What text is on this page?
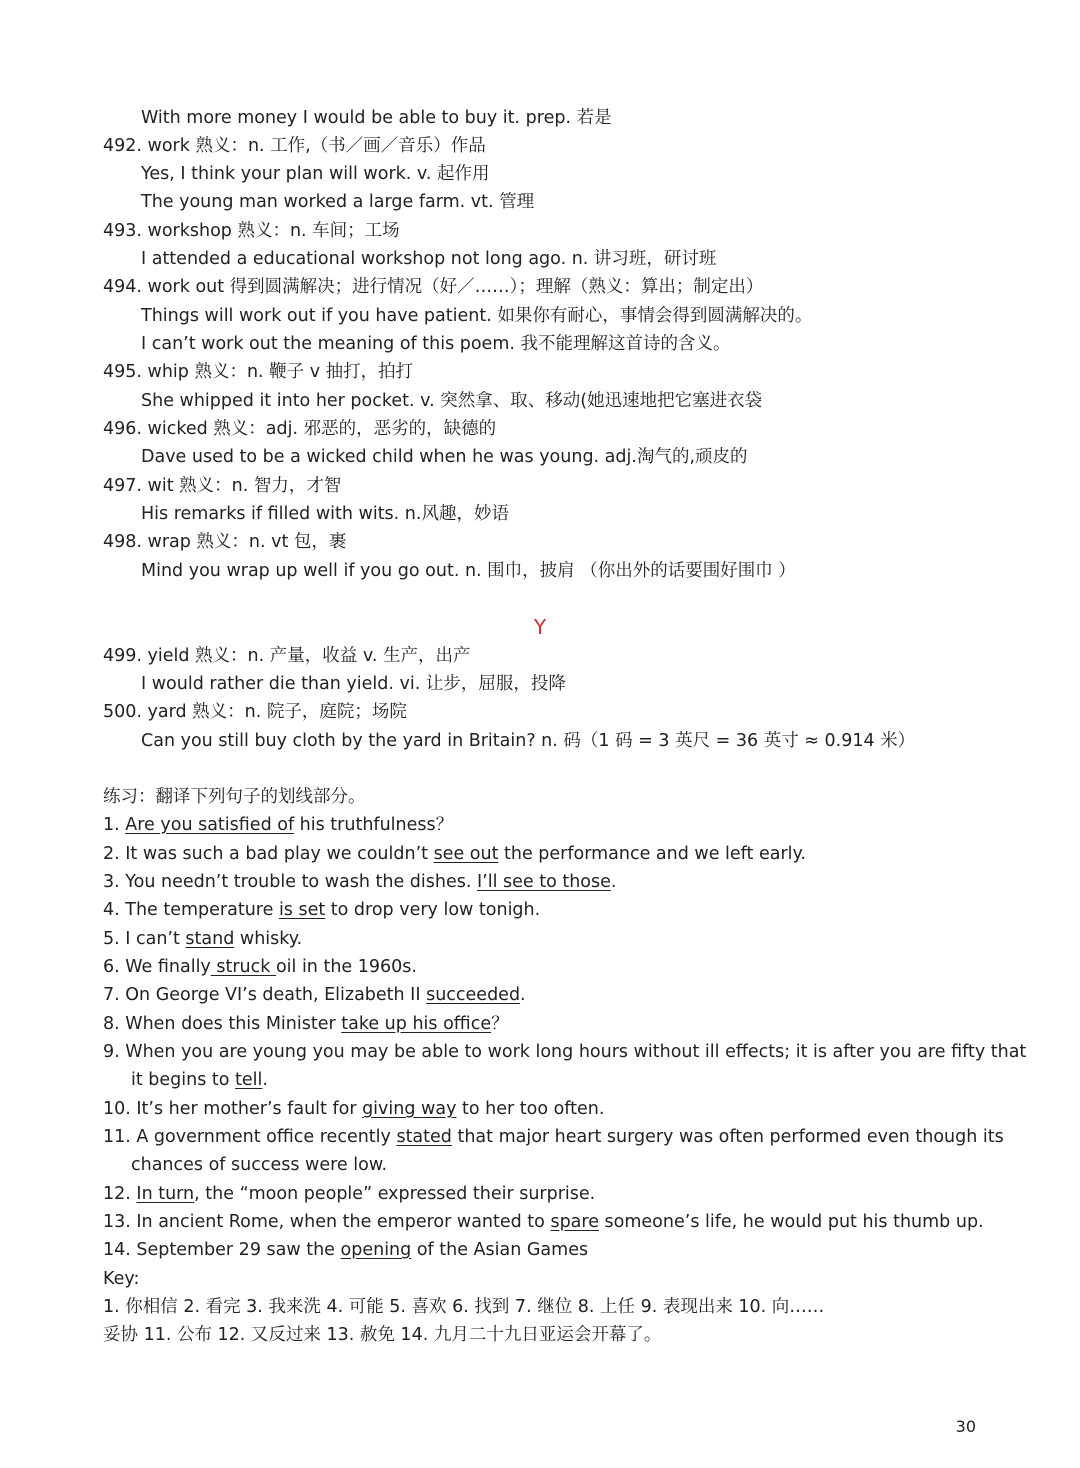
With more money I would be able to buy it. prep. 若是
492. work 熟义：n. 工作,（书／画／音乐）作品
Yes, I think your plan will work. v. 起作用
The young man worked a large farm. vt. 管理
493. workshop 熟义：n. 车间；工场
I attended a educational workshop not long ago. n. 讲习班，研讨班
494. work out 得到圆满解决；进行情况（好／……）；理解（熟义：算出；制定出）
Things will work out if you have patient. 如果你有耐心，事情会得到圆满解决的。
I can’t work out the meaning of this poem. 我不能理解这首诗的含义。
495. whip 熟义：n. 鞭子 v 抽打，拍打
She whipped it into her pocket. v. 突然拿、取、移动(她迅速地把它塞进衣袋
496. wicked 熟义：adj. 邪恶的，恶劣的，缺德的
Dave used to be a wicked child when he was young. adj.淘气的,顽皮的
497. wit 熟义：n. 智力，才智
His remarks if filled with wits. n.风趣，妙语
498. wrap 熟义：n. vt 包，裹
Mind you wrap up well if you go out. n. 围巾，披肩 （你出外的话要围好围巾 ）
Y
499. yield 熟义：n. 产量，收益 v. 生产，出产
I would rather die than yield. vi. 让步，屈服，投降
500. yard 熟义：n. 院子，庭院；场院
Can you still buy cloth by the yard in Britain? n. 码（1 码 = 3 英尺 = 36 英寸 ≈ 0.914 米）
练习：翻译下列句子的划线部分。
1. Are you satisfied of his truthfulness？
2. It was such a bad play we couldn’t see out the performance and we left early.
3. You needn’t trouble to wash the dishes. I’ll see to those.
4. The temperature is set to drop very low tonigh.
5. I can’t stand whisky.
6. We finally struck oil in the 1960s.
7. On George VI’s death, Elizabeth II succeeded.
8. When does this Minister take up his office？
9. When you are young you may be able to work long hours without ill effects; it is after you are fifty that
it begins to tell.
10. It’s her mother’s fault for giving way to her too often.
11. A government office recently stated that major heart surgery was often performed even though its
chances of success were low.
12. In turn, the “moon people” expressed their surprise.
13. In ancient Rome, when the emperor wanted to spare someone’s life, he would put his thumb up.
14. September 29 saw the opening of the Asian Games
Key:
1. 你相信 2. 看完 3. 我来洗 4. 可能 5. 喜欢 6. 找到 7. 继位 8. 上任 9. 表现出来 10. 向……
妥协 11. 公布 12. 又反过来 13. 赦免 14. 九月二十九日亚运会开幕了。
30
